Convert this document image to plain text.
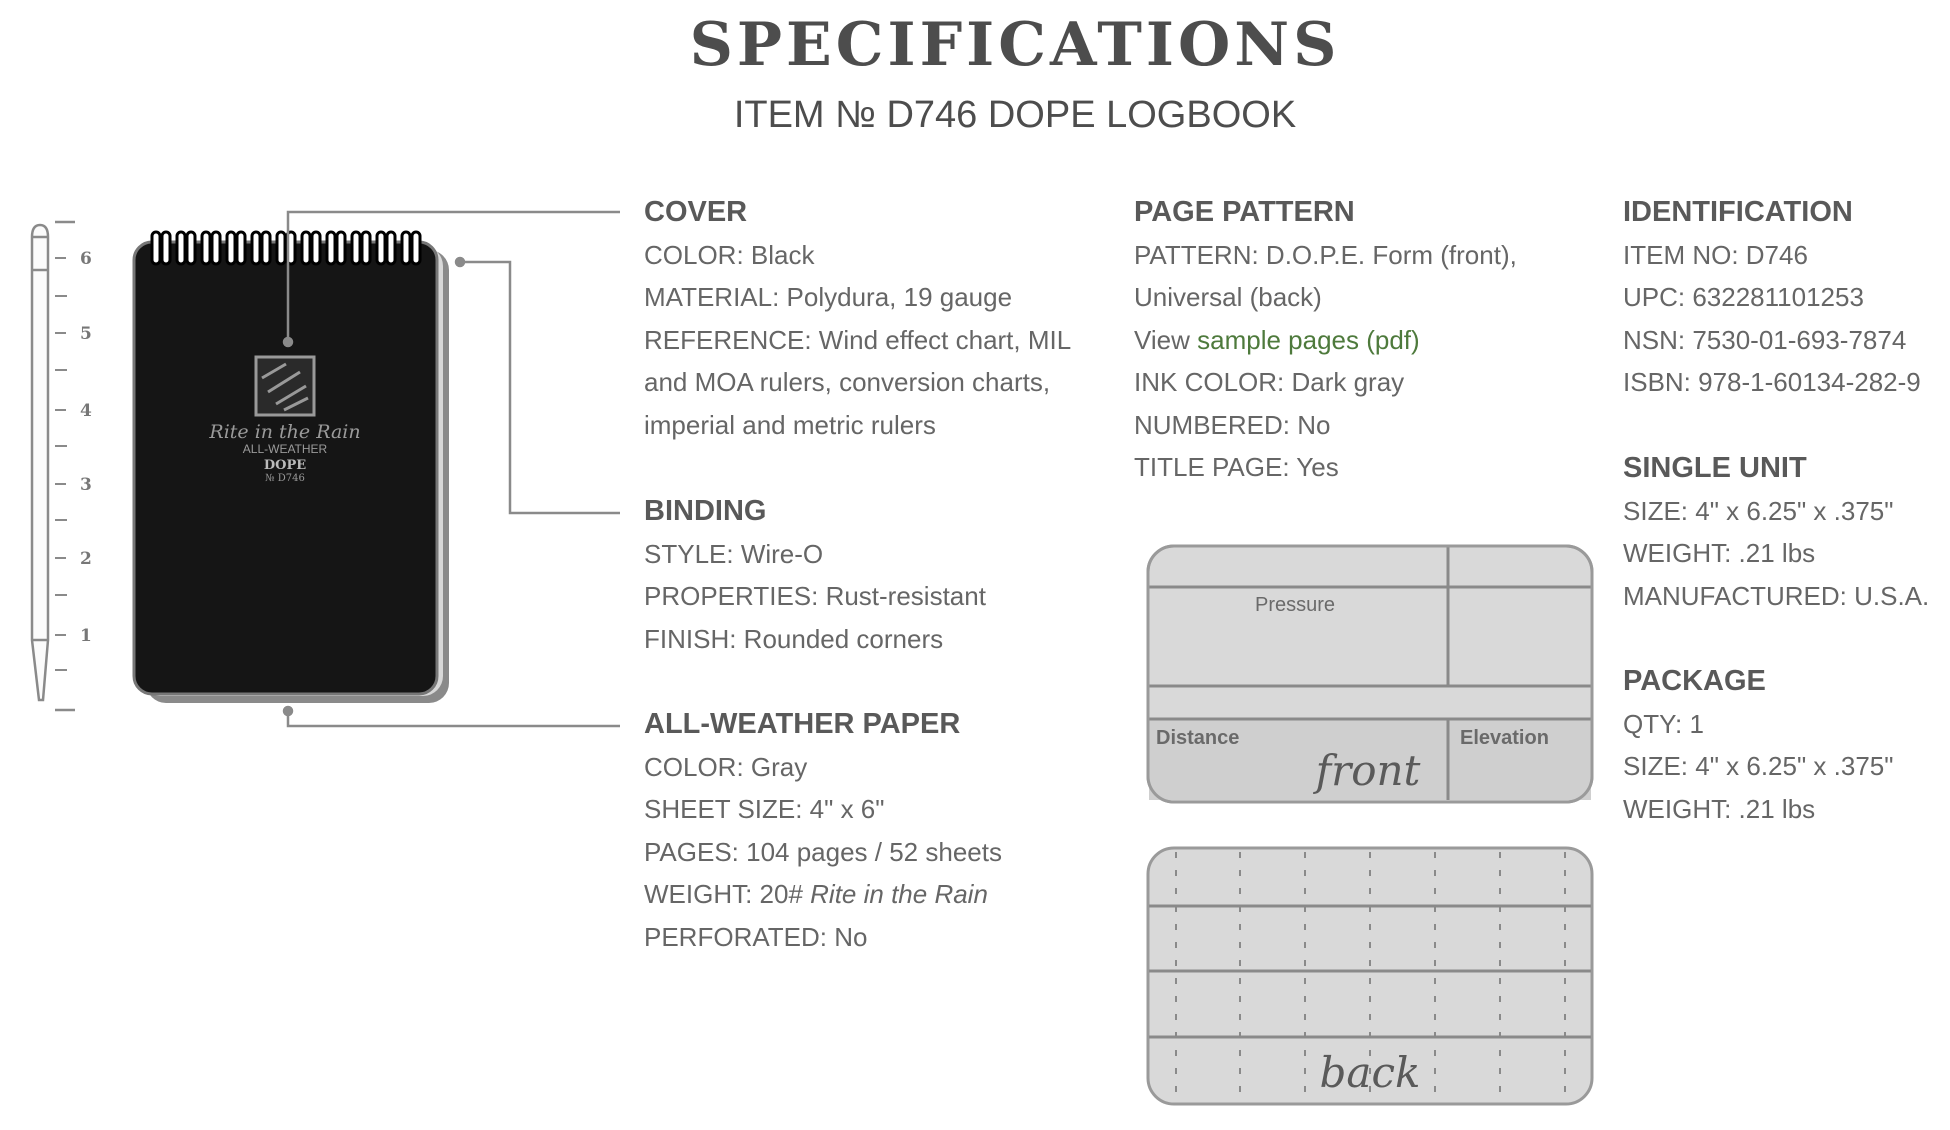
SPECIFICATIONS
ITEM № D746 DOPE LOGBOOK
6
5
4
3
2
1
Rite in the Rain
ALL-WEATHER
DOPE
№ D746
Pressure
Distance	Elevation
front
back
COVER

COLOR: Black

MATERIAL: Polydura, 19 gauge

REFERENCE: Wind effect chart, MIL

and MOA rulers, conversion charts,

imperial and metric rulers

BINDING

STYLE: Wire-O

PROPERTIES: Rust-resistant

FINISH: Rounded corners

ALL-WEATHER PAPER

COLOR: Gray

SHEET SIZE: 4" x 6"

PAGES: 104 pages / 52 sheets

WEIGHT: 20# Rite in the Rain

PERFORATED: No

PAGE PATTERN

PATTERN: D.O.P.E. Form (front),

Universal (back)

View sample pages (pdf)

INK COLOR: Dark gray

NUMBERED: No

TITLE PAGE: Yes

IDENTIFICATION

ITEM NO: D746

UPC: 632281101253

NSN: 7530-01-693-7874

ISBN: 978-1-60134-282-9

SINGLE UNIT

SIZE: 4" x 6.25" x .375"

WEIGHT: .21 lbs

MANUFACTURED: U.S.A.

PACKAGE

QTY: 1

SIZE: 4" x 6.25" x .375"

WEIGHT: .21 lbs
